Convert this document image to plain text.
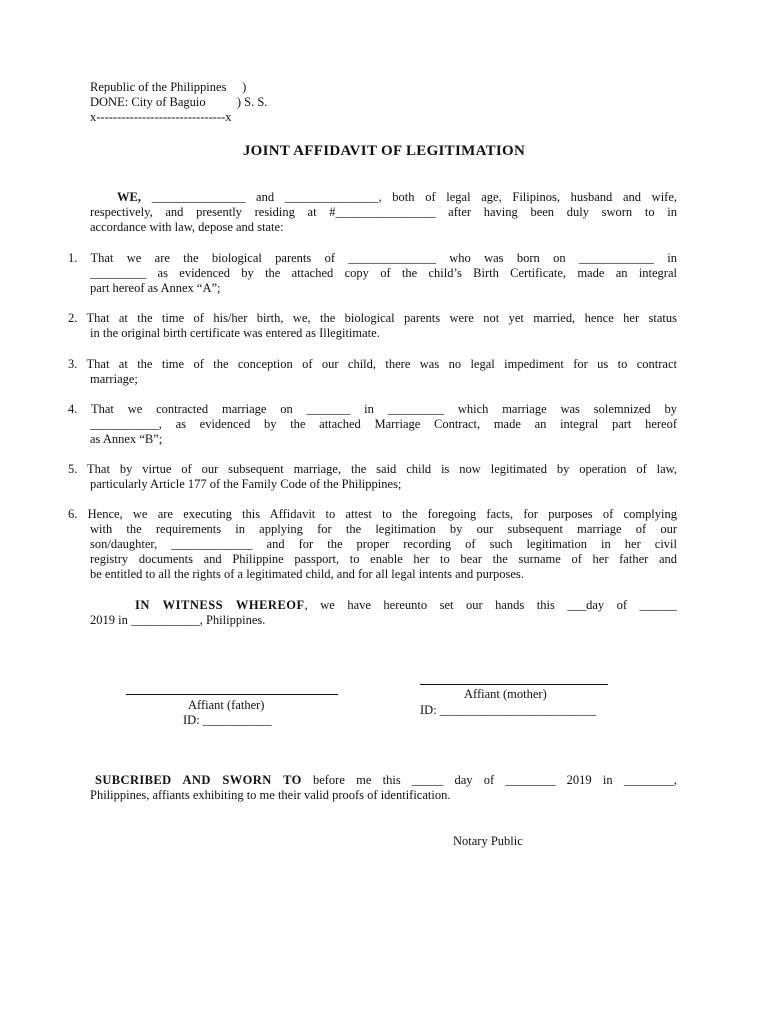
Republic of the Philippines     )
DONE: City of Baguio          ) S. S.
x-------------------------------x
JOINT AFFIDAVIT OF LEGITIMATION
WE, _______________ and _______________, both of legal age, Filipinos, husband and wife,
respectively, and presently residing at #________________ after having been duly sworn to in
accordance with law, depose and state:
1. That we are the biological parents of ______________ who was born on ____________ in
_________ as evidenced by the attached copy of the child’s Birth Certificate, made an integral
part hereof as Annex “A”;
2. That at the time of his/her birth, we, the biological parents were not yet married, hence her status
in the original birth certificate was entered as Illegitimate.
3. That at the time of the conception of our child, there was no legal impediment for us to contract
marriage;
4. That we contracted marriage on _______ in _________ which marriage was solemnized by
___________, as evidenced by the attached Marriage Contract, made an integral part hereof
as Annex “B”;
5. That by virtue of our subsequent marriage, the said child is now legitimated by operation of law,
particularly Article 177 of the Family Code of the Philippines;
6. Hence, we are executing this Affidavit to attest to the foregoing facts, for purposes of complying
with the requirements in applying for the legitimation by our subsequent marriage of our
son/daughter, _____________ and for the proper recording of such legitimation in her civil
registry documents and Philippine passport, to enable her to bear the surname of her father and
be entitled to all the rights of a legitimated child, and for all legal intents and purposes.
IN WITNESS WHEREOF, we have hereunto set our hands this ___day of ______
2019 in ___________, Philippines.
Affiant (father)
ID: ___________
Affiant (mother)
ID: _________________________
SUBCRIBED AND SWORN TO before me this _____ day of ________ 2019 in ________,
Philippines, affiants exhibiting to me their valid proofs of identification.
Notary Public
